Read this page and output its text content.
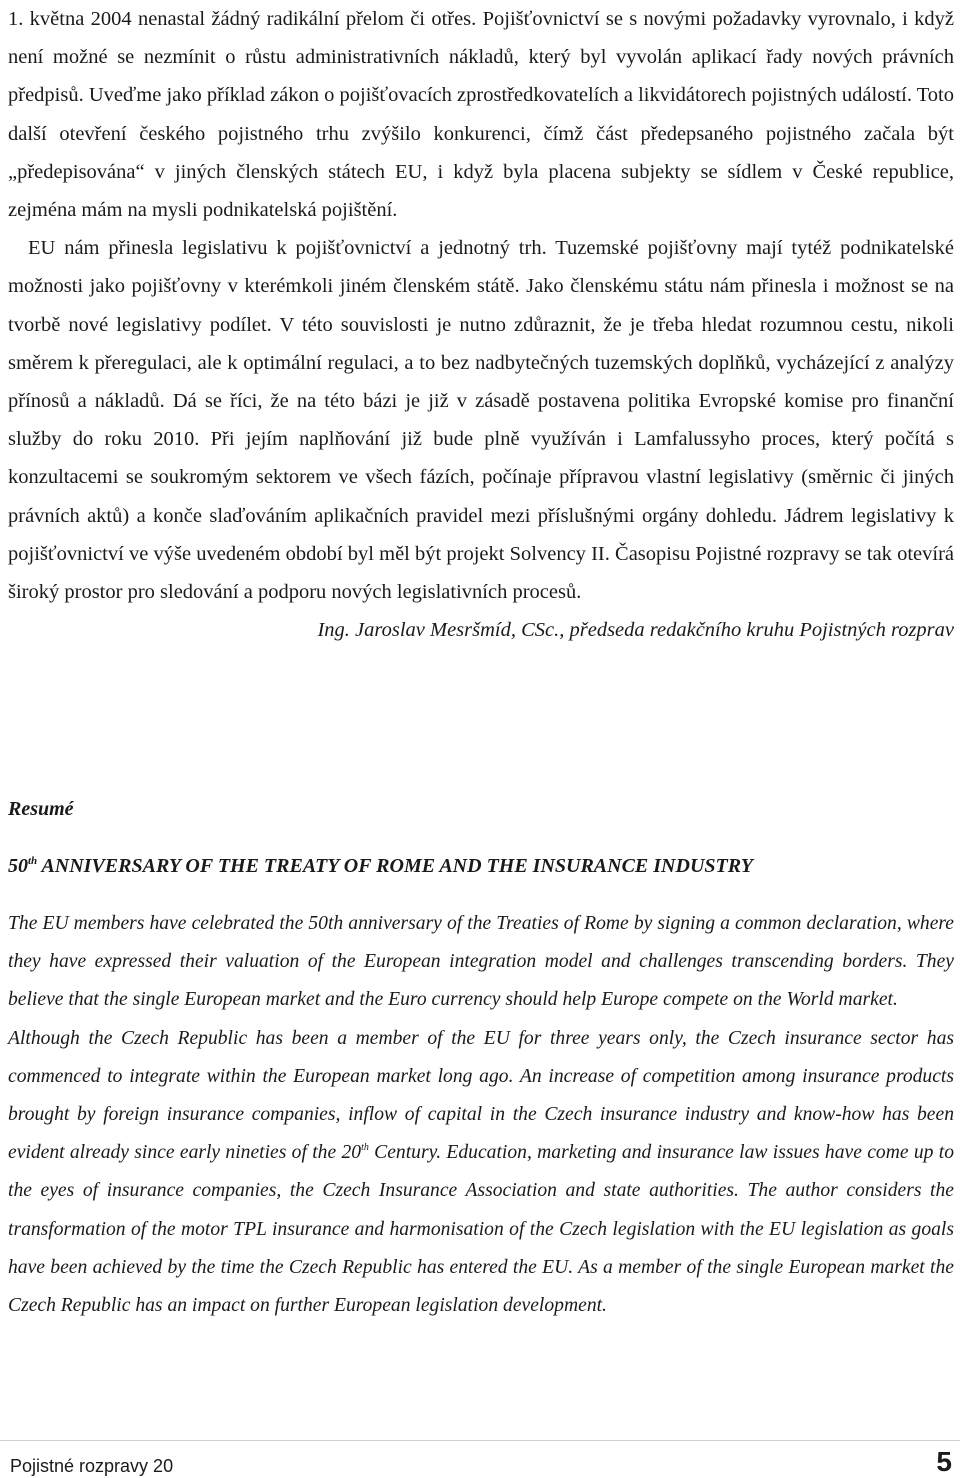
1. května 2004 nenastal žádný radikální přelom či otřes. Pojišťovnictví se s novými požadavky vyrovnalo, i když není možné se nezmínit o růstu administrativních nákladů, který byl vyvolán aplikací řady nových právních předpisů. Uveďme jako příklad zákon o pojišťovacích zprostředkovatelích a likvidátorech pojistných událostí. Toto další otevření českého pojistného trhu zvýšilo konkurenci, čímž část předepsaného pojistného začala být „předepisována“ v jiných členských státech EU, i když byla placena subjekty se sídlem v České republice, zejména mám na mysli podnikatelská pojištění.
EU nám přinesla legislativu k pojišťovnictví a jednotný trh. Tuzemské pojišťovny mají tytéž podnikatelské možnosti jako pojišťovny v kterémkoli jiném členském státě. Jako členskému státu nám přinesla i možnost se na tvorbě nové legislativy podílet. V této souvislosti je nutno zdůraznit, že je třeba hledat rozumnou cestu, nikoli směrem k přeregulaci, ale k optimální regulaci, a to bez nadbytečných tuzemských doplňků, vycházející z analýzy přínosů a nákladů. Dá se říci, že na této bázi je již v zásadě postavena politika Evropské komise pro finanční služby do roku 2010. Při jejím naplňování již bude plně využíván i Lamfalussyho proces, který počítá s konzultacemi se soukromým sektorem ve všech fázích, počínaje přípravou vlastní legislativy (směrnic či jiných právních aktů) a konče slaďováním aplikačních pravidel mezi příslušnými orgány dohledu. Jádrem legislativy k pojišťovnictví ve výše uvedeném období byl měl být projekt Solvency II. Časopisu Pojistné rozpravy se tak otevírá široký prostor pro sledování a podporu nových legislativních procesů.

Ing. Jaroslav Mesršmíd, CSc., předseda redakčního kruhu Pojistných rozprav

Resumé
50th ANNIVERSARY OF THE TREATY OF ROME AND THE INSURANCE INDUSTRY
The EU members have celebrated the 50th anniversary of the Treaties of Rome by signing a common declaration, where they have expressed their valuation of the European integration model and challenges transcending borders. They believe that the single European market and the Euro currency should help Europe compete on the World market.
Although the Czech Republic has been a member of the EU for three years only, the Czech insurance sector has commenced to integrate within the European market long ago. An increase of competition among insurance products brought by foreign insurance companies, inflow of capital in the Czech insurance industry and know-how has been evident already since early nineties of the 20th Century. Education, marketing and insurance law issues have come up to the eyes of insurance companies, the Czech Insurance Association and state authorities. The author considers the transformation of the motor TPL insurance and harmonisation of the Czech legislation with the EU legislation as goals have been achieved by the time the Czech Republic has entered the EU. As a member of the single European market the Czech Republic has an impact on further European legislation development.
Pojistné rozpravy 20	5
